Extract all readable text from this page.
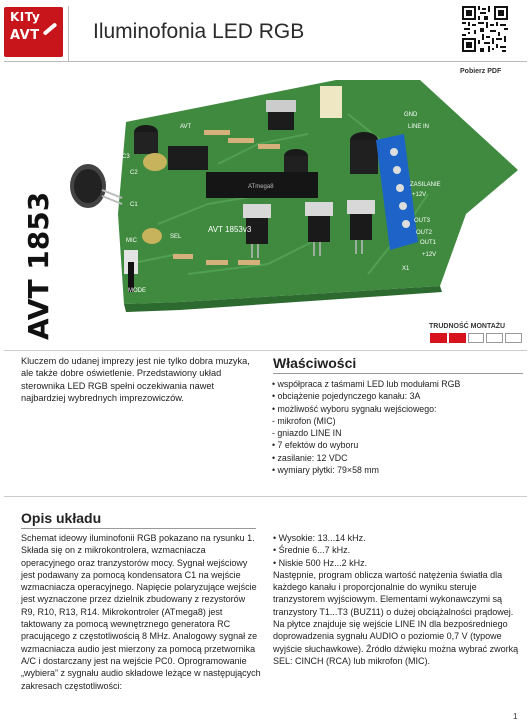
KITy
AVT	Iluminofonia LED RGB
Pobierz PDF
AVT 1853
ATmega8
GND
LINE IN
MIC
MODE
C3
C2
C1
SEL
AVT
ZASILANIE
+12V
OUT3
OUT2
OUT1
+12V
X1
AVT 1853v3
TRUDNOŚĆ MONTAŻU
Kluczem do udanej imprezy jest nie tylko dobra muzyka, ale także dobre oświetlenie. Przedstawiony układ sterownika LED RGB spełni oczekiwania nawet najbardziej wybrednych imprezowiczów.
Właściwości
• współpraca z taśmami LED lub modułami RGB
• obciążenie pojedynczego kanału: 3A
• możliwość wyboru sygnału wejściowego:
- mikrofon (MIC)
- gniazdo LINE IN
• 7 efektów do wyboru
• zasilanie: 12 VDC
• wymiary płytki: 79×58 mm
Opis układu

Schemat ideowy iluminofonii RGB pokazano na rysunku 1. Składa się on z mikrokontrolera, wzmacniacza operacyjnego oraz tranzystorów mocy. Sygnał wejściowy jest podawany za pomocą kondensatora C1 na wejście wzmacniacza operacyjnego. Napięcie polaryzujące wejście jest wyznaczone przez dzielnik zbudowany z rezystorów R9, R10, R13, R14. Mikrokontroler (ATmega8) jest taktowany za pomocą wewnętrznego generatora RC pracującego z częstotliwością 8 MHz. Analogowy sygnał ze wzmacniacza audio jest mierzony za pomocą przetwornika A/C i dostarczany jest na wejście PC0. Oprogramowanie „wybiera” z sygnału audio składowe leżące w następujących zakresach częstotliwości:

• Wysokie: 13...14 kHz.
• Średnie 6...7 kHz.
• Niskie 500 Hz...2 kHz.

Następnie, program oblicza wartość natężenia światła dla każdego kanału i proporcjonalnie do wyniku steruje tranzystorem wyjściowym. Elementami wykonawczymi są tranzystory T1...T3 (BUZ11) o dużej obciążalności prądowej. Na płytce znajduje się wejście LINE IN dla bezpośredniego doprowadzenia sygnału AUDIO o poziomie 0,7 V (typowe wyjście słuchawkowe). Źródło dźwięku można wybrać zworką SEL: CINCH (RCA) lub mikrofon (MIC).

1
